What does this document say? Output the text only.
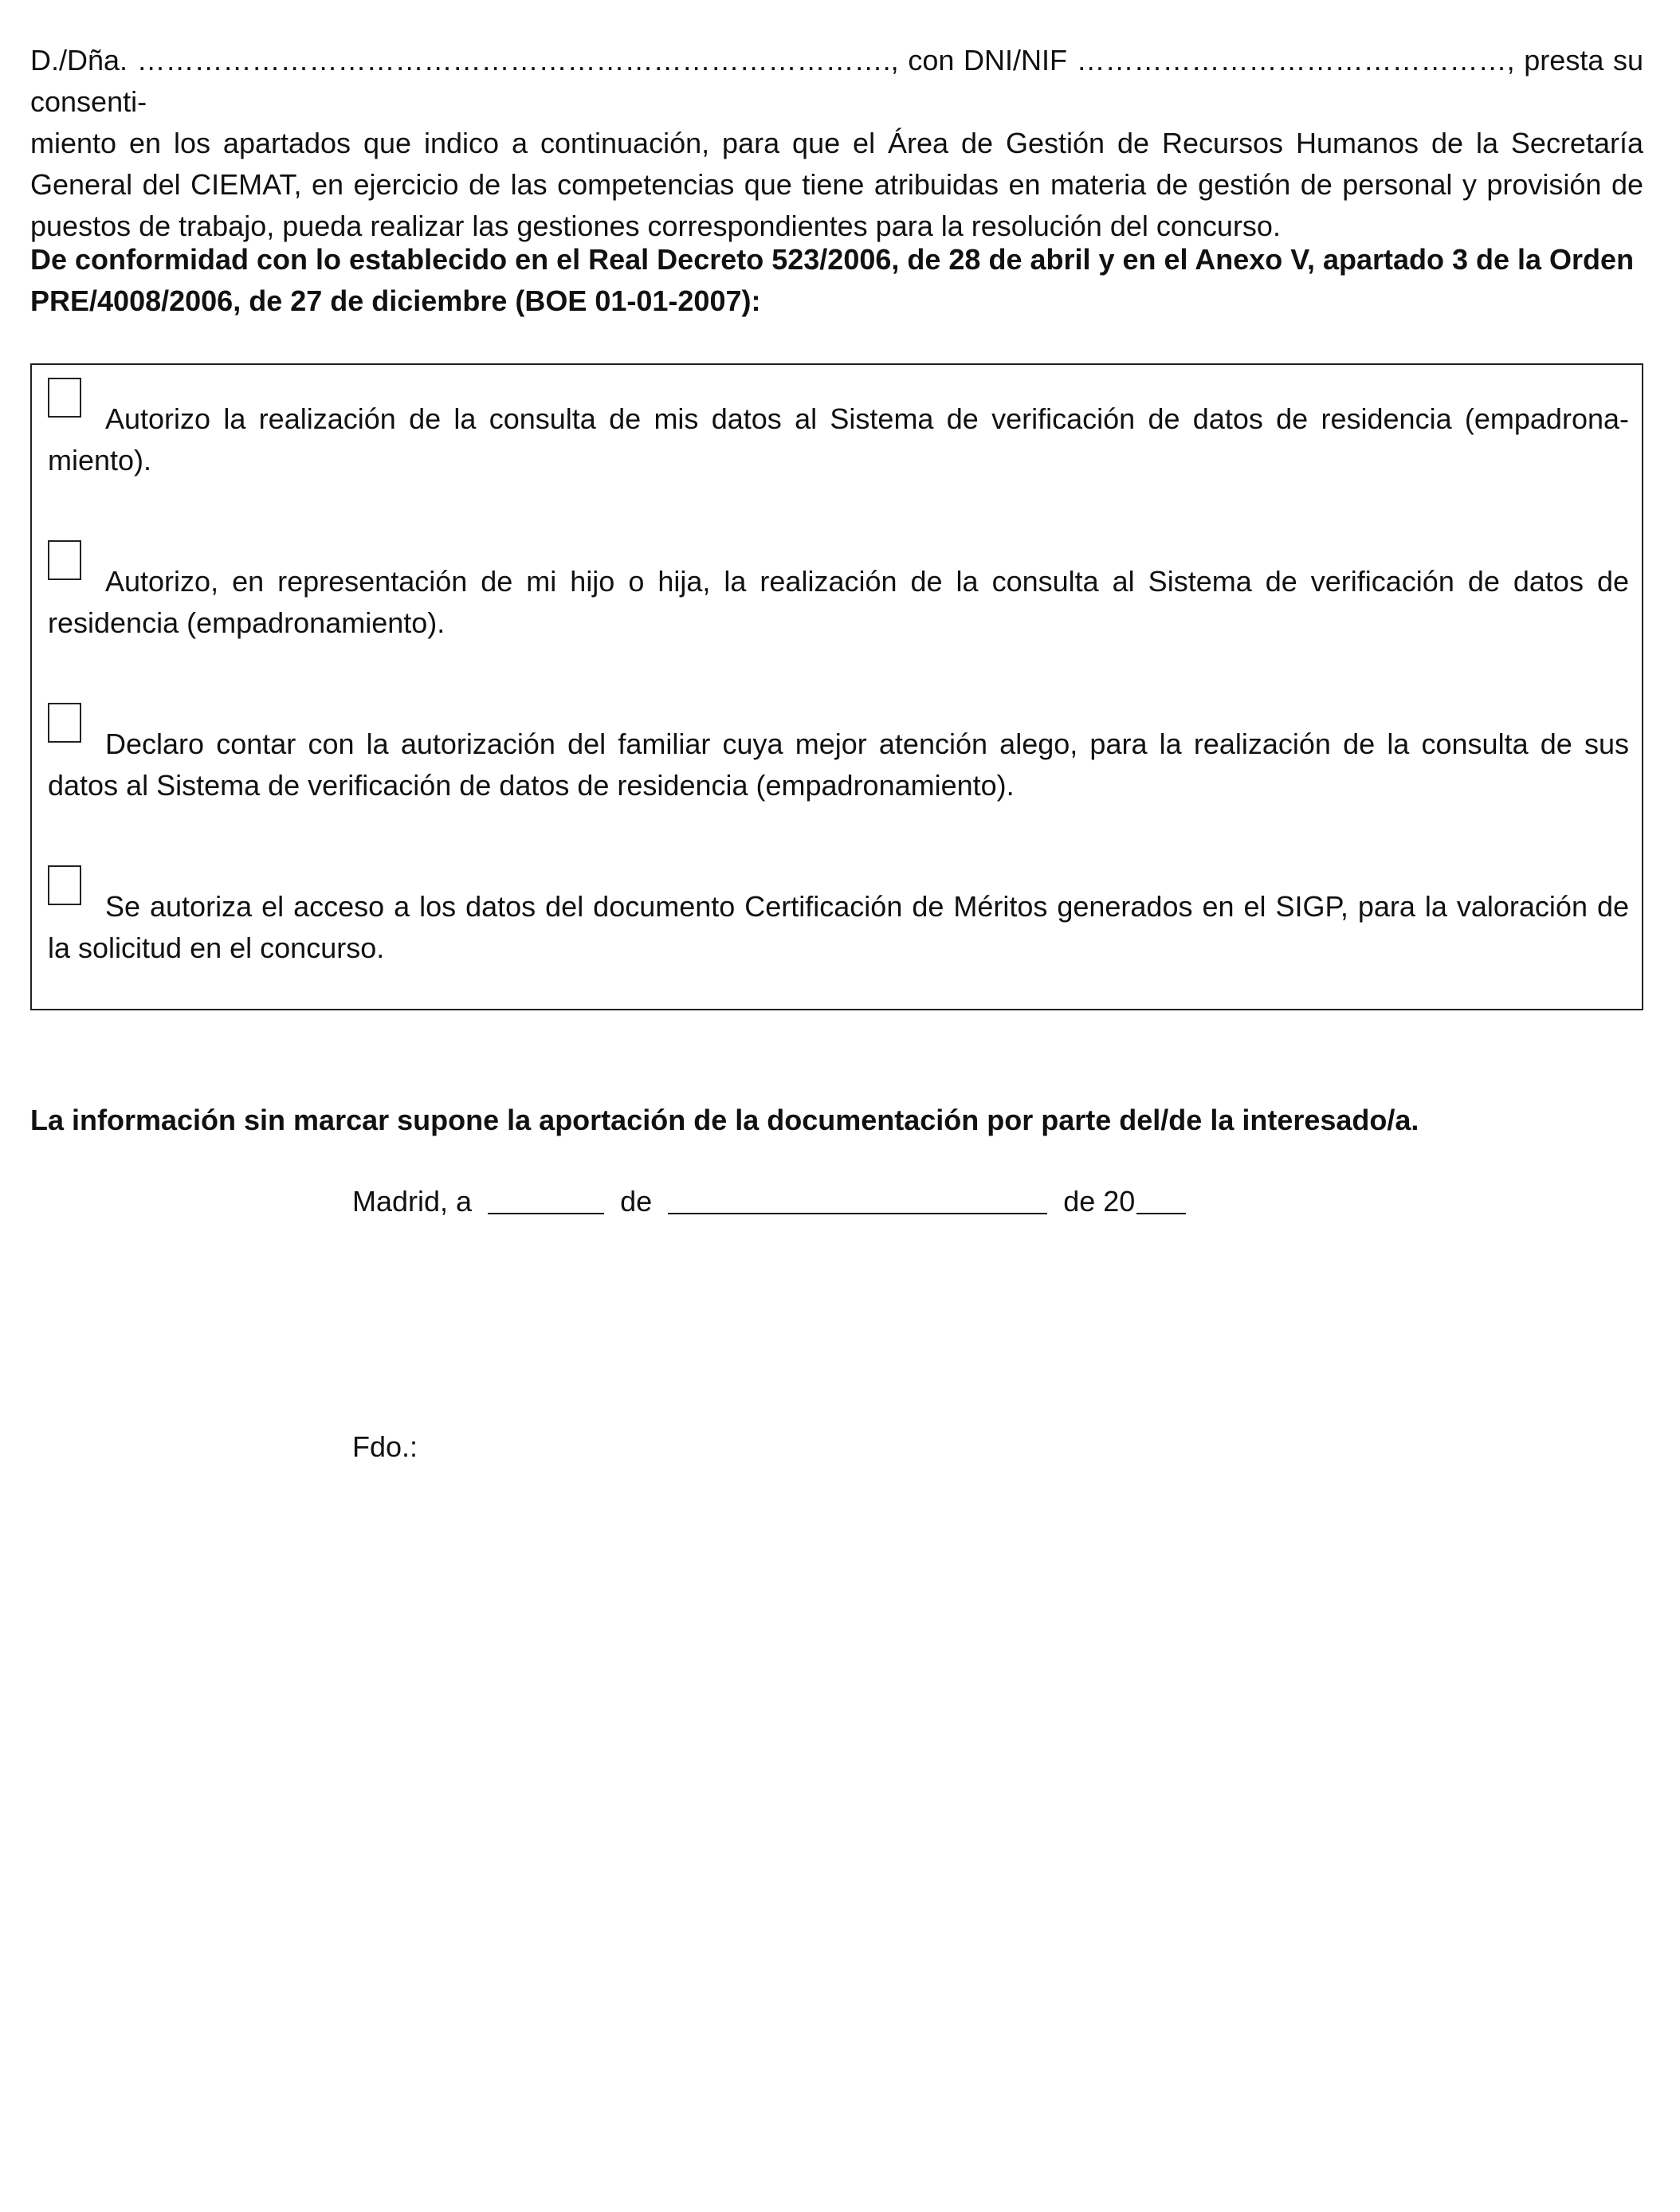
D./Dña. ……………………………………………………………………., con DNI/NIF ………………………………………, presta su consenti-
miento en los apartados que indico a continuación, para que el Área de Gestión de Recursos Humanos de la Secretaría General del CIEMAT, en ejercicio de las competencias que tiene atribuidas en materia de gestión de personal y provisión de puestos de trabajo, pueda realizar las gestiones correspondientes para la resolución del concurso.

De conformidad con lo establecido en el Real Decreto 523/2006, de 28 de abril y en el Anexo V, apartado 3 de la Orden PRE/4008/2006, de 27 de diciembre (BOE 01-01-2007):

Autorizo la realización de la consulta de mis datos al Sistema de verificación de datos de residencia (empadrona-miento).
Autorizo, en representación de mi hijo o hija, la realización de la consulta al Sistema de verificación de datos de residencia (empadronamiento).
Declaro contar con la autorización del familiar cuya mejor atención alego, para la realización de la consulta de sus datos al Sistema de verificación de datos de residencia (empadronamiento).
Se autoriza el acceso a los datos del documento Certificación de Méritos generados en el SIGP, para la valoración de la solicitud en el concurso.

La información sin marcar supone la aportación de la documentación por parte del/de la interesado/a.

Madrid, a	de	de 20
Fdo.:
